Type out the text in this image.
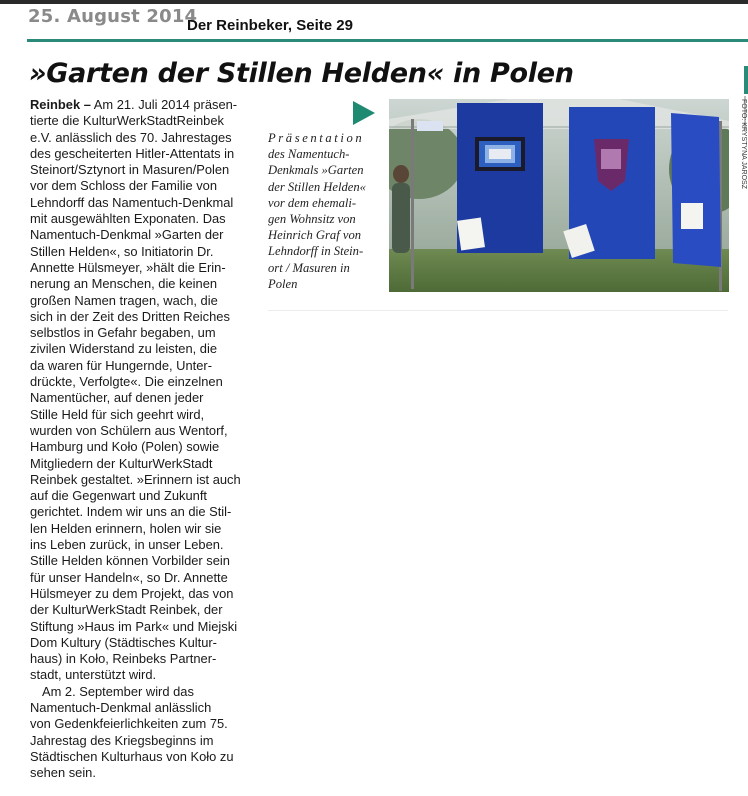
25. August 2014
Der Reinbeker, Seite 29
»Garten der Stillen Helden« in Polen
Reinbek – Am 21. Juli 2014 präsen-
tierte die KulturWerkStadtReinbek
e.V. anlässlich des 70. Jahrestages
des gescheiterten Hitler-Attentats in
Steinort/Sztynort in Masuren/Polen
vor dem Schloss der Familie von
Lehndorff das Namentuch-Denkmal
mit ausgewählten Exponaten. Das
Namentuch-Denkmal »Garten der
Stillen Helden«, so Initiatorin Dr.
Annette Hülsmeyer, »hält die Erin-
nerung an Menschen, die keinen
großen Namen tragen, wach, die
sich in der Zeit des Dritten Reiches
selbstlos in Gefahr begaben, um
zivilen Widerstand zu leisten, die
da waren für Hungernde, Unter-
drückte, Verfolgte«. Die einzelnen
Namentücher, auf denen jeder
Stille Held für sich geehrt wird,
wurden von Schülern aus Wentorf,
Hamburg und Koło (Polen) sowie
Mitgliedern der KulturWerkStadt
Reinbek gestaltet. »Erinnern ist auch
auf die Gegenwart und Zukunft
gerichtet. Indem wir uns an die Stil-
len Helden erinnern, holen wir sie
ins Leben zurück, in unser Leben.
Stille Helden können Vorbilder sein
für unser Handeln«, so Dr. Annette
Hülsmeyer zu dem Projekt, das von
der KulturWerkStadt Reinbek, der
Stiftung »Haus im Park« und Miejski
Dom Kultury (Städtisches Kultur-
haus) in Koło, Reinbeks Partner-
stadt, unterstützt wird.
Am 2. September wird das
Namentuch-Denkmal anlässlich
von Gedenkfeierlichkeiten zum 75.
Jahrestag des Kriegsbeginns im
Städtischen Kulturhaus von Koło zu
sehen sein.
Präsentation
des Namentuch-
Denkmals »Garten
der Stillen Helden«
vor dem ehemali-
gen Wohnsitz von
Heinrich Graf von
Lehndorff in Stein-
ort / Masuren in
Polen
FOTO: KRYSTYNA JAROSZ
